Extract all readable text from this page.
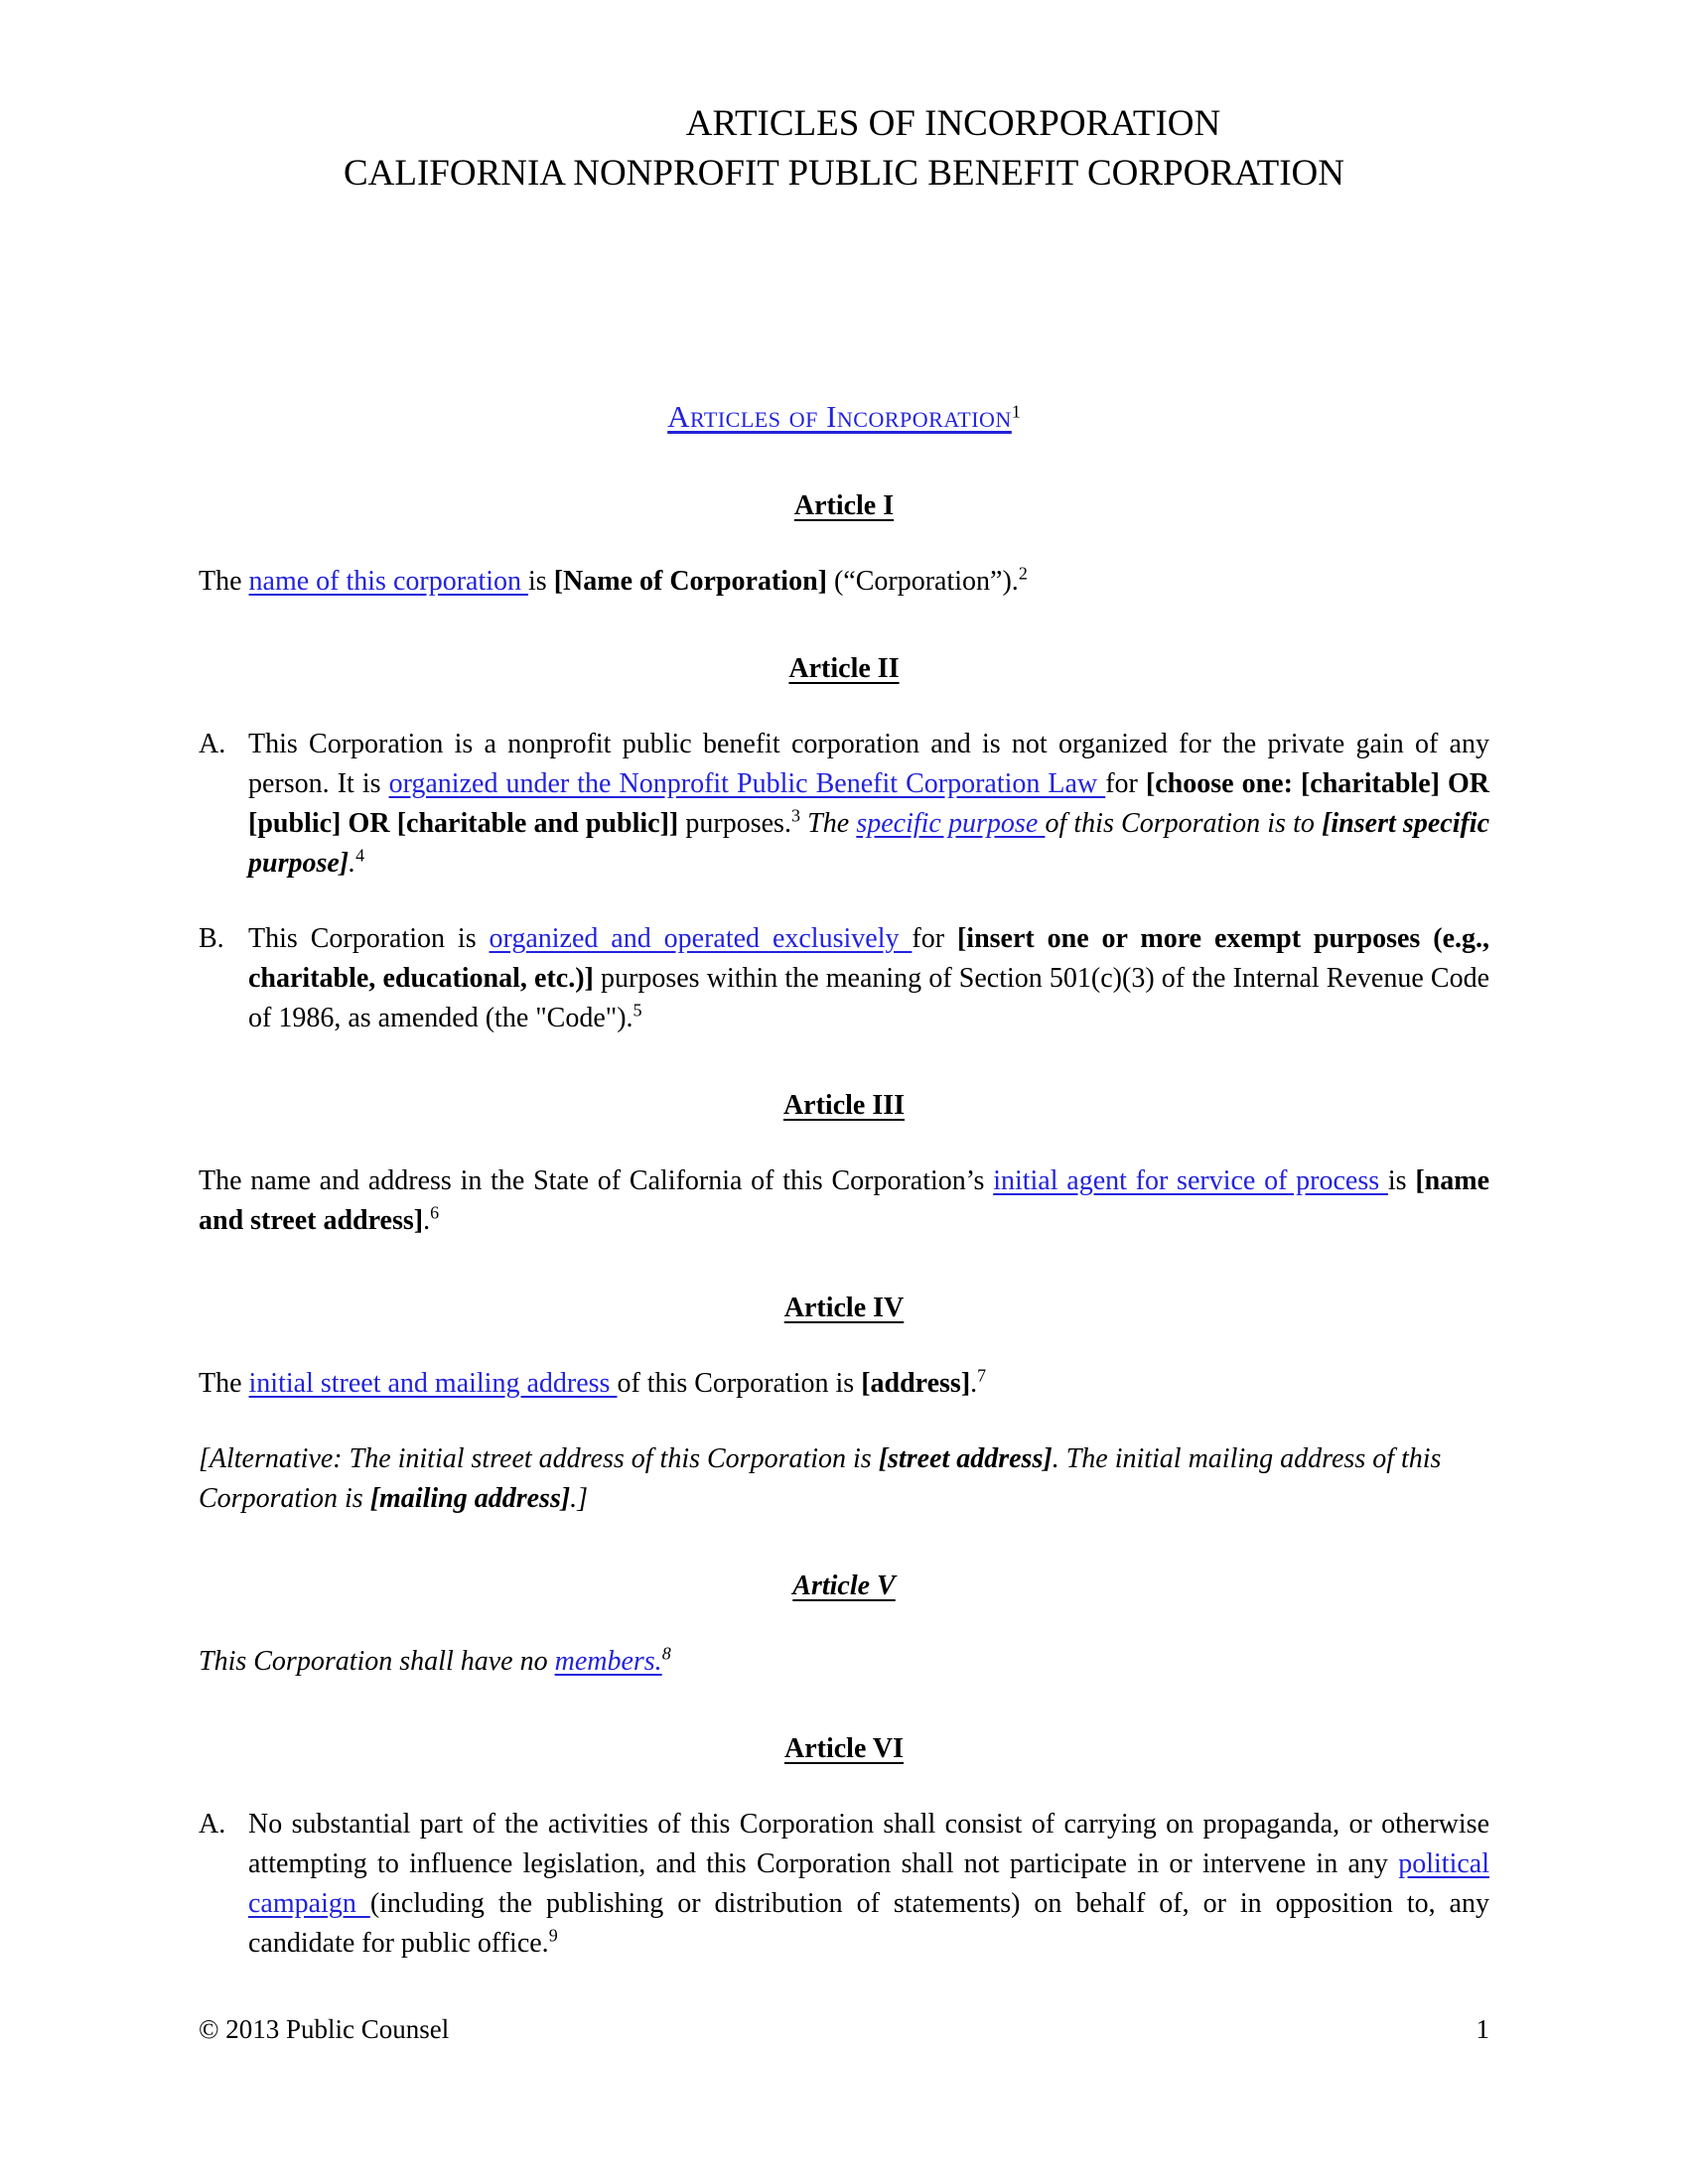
ARTICLES OF INCORPORATION
CALIFORNIA NONPROFIT PUBLIC BENEFIT CORPORATION
Articles of Incorporation$^1$
Article I
The name of this corporation is [Name of Corporation] (“Corporation”).$^2$
Article II
A. This Corporation is a nonprofit public benefit corporation and is not organized for the private gain of any person. It is organized under the Nonprofit Public Benefit Corporation Law for [choose one: [charitable] OR [public] OR [charitable and public]] purposes.$^3$ The specific purpose of this Corporation is to [insert specific purpose].$^4$
B. This Corporation is organized and operated exclusively for [insert one or more exempt purposes (e.g., charitable, educational, etc.)] purposes within the meaning of Section 501(c)(3) of the Internal Revenue Code of 1986, as amended (the "Code").$^5$
Article III
The name and address in the State of California of this Corporation’s initial agent for service of process is [name and street address].$^6$
Article IV
The initial street and mailing address of this Corporation is [address].$^7$
[Alternative: The initial street address of this Corporation is [street address]. The initial mailing address of this Corporation is [mailing address].]
Article V
This Corporation shall have no members.$^8$
Article VI
A. No substantial part of the activities of this Corporation shall consist of carrying on propaganda, or otherwise attempting to influence legislation, and this Corporation shall not participate in or intervene in any political campaign (including the publishing or distribution of statements) on behalf of, or in opposition to, any candidate for public office.$^9$
© 2013 Public Counsel	1
